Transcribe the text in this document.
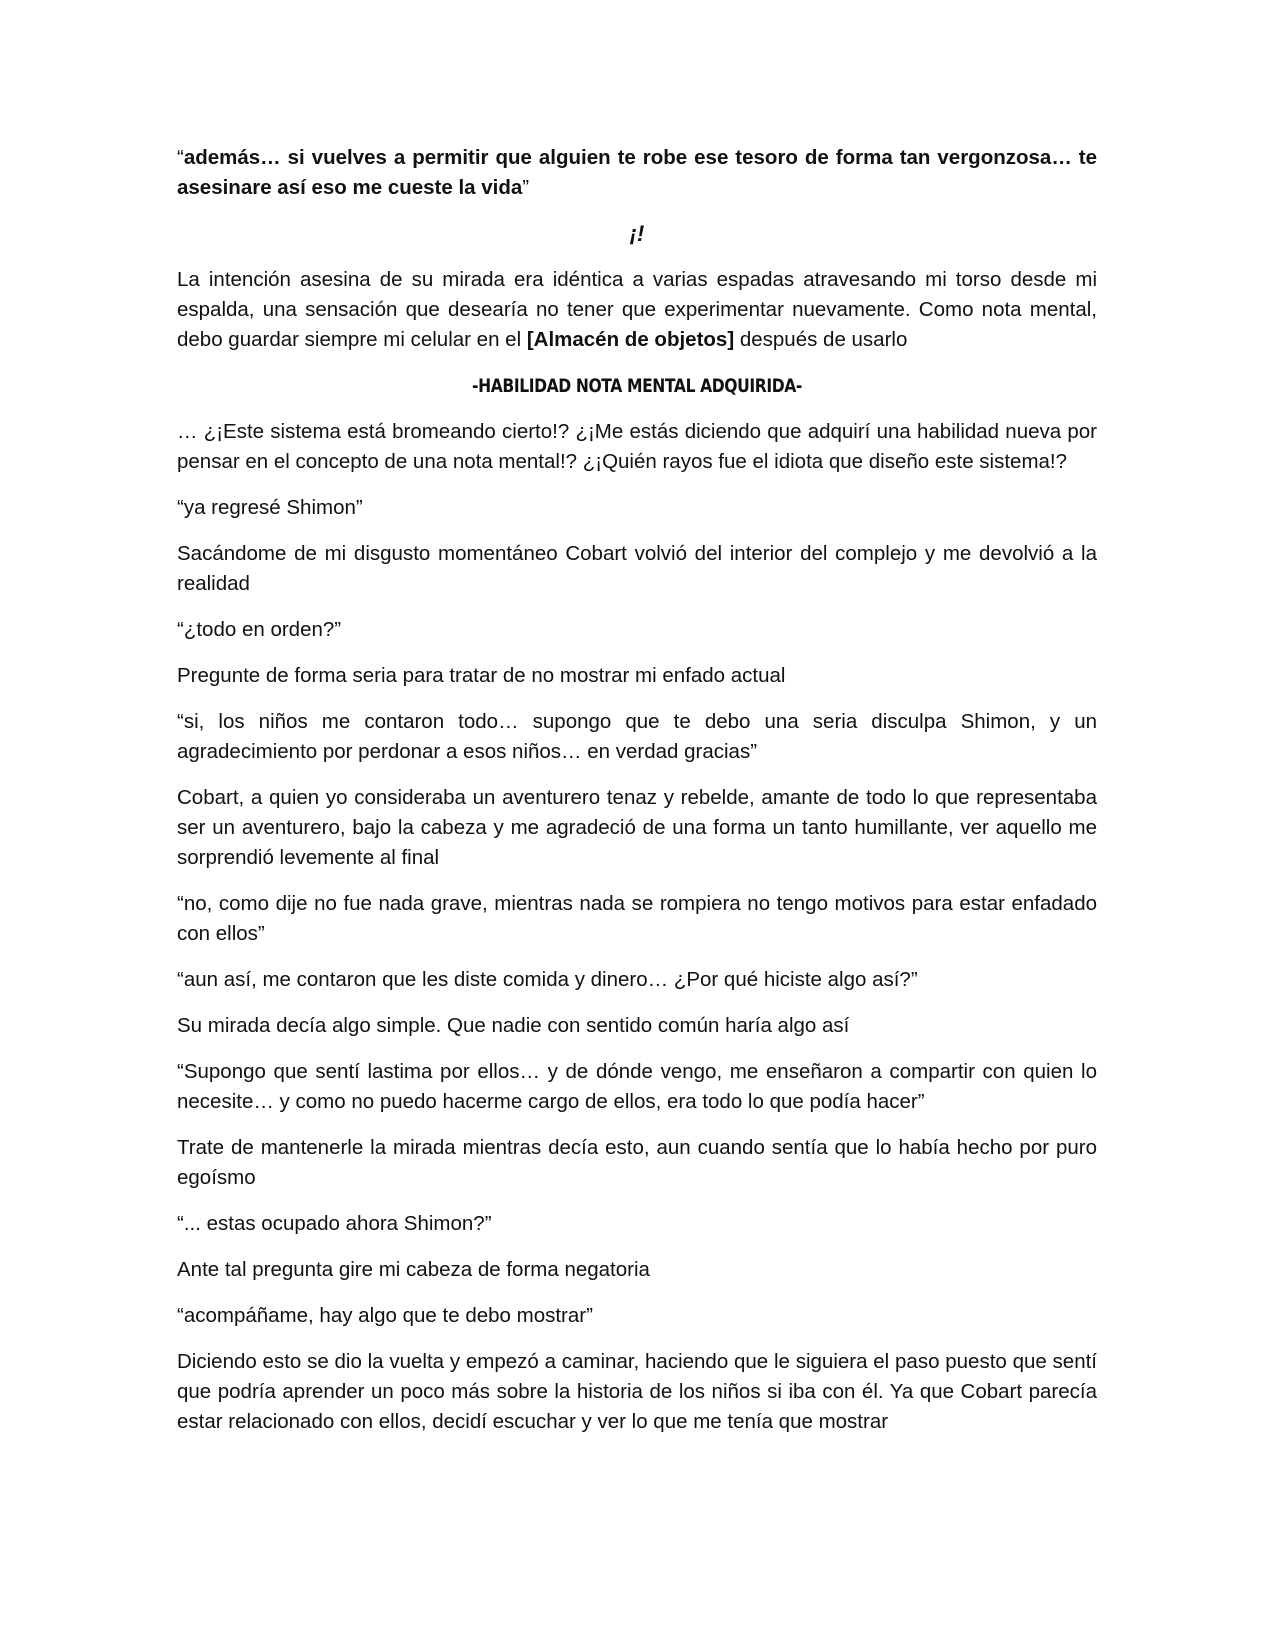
“además… si vuelves a permitir que alguien te robe ese tesoro de forma tan vergonzosa… te asesinare así eso me cueste la vida”

¡!

La intención asesina de su mirada era idéntica a varias espadas atravesando mi torso desde mi espalda, una sensación que desearía no tener que experimentar nuevamente. Como nota mental, debo guardar siempre mi celular en el [Almacén de objetos] después de usarlo

-HABILIDAD NOTA MENTAL ADQUIRIDA-

… ¿¡Este sistema está bromeando cierto!? ¿¡Me estás diciendo que adquirí una habilidad nueva por pensar en el concepto de una nota mental!? ¿¡Quién rayos fue el idiota que diseño este sistema!?

“ya regresé Shimon”

Sacándome de mi disgusto momentáneo Cobart volvió del interior del complejo y me devolvió a la realidad

“¿todo en orden?”

Pregunte de forma seria para tratar de no mostrar mi enfado actual

“si, los niños me contaron todo… supongo que te debo una seria disculpa Shimon, y un agradecimiento por perdonar a esos niños… en verdad gracias”

Cobart, a quien yo consideraba un aventurero tenaz y rebelde, amante de todo lo que representaba ser un aventurero, bajo la cabeza y me agradeció de una forma un tanto humillante, ver aquello me sorprendió levemente al final

“no, como dije no fue nada grave, mientras nada se rompiera no tengo motivos para estar enfadado con ellos”

“aun así, me contaron que les diste comida y dinero… ¿Por qué hiciste algo así?”

Su mirada decía algo simple. Que nadie con sentido común haría algo así

“Supongo que sentí lastima por ellos… y de dónde vengo, me enseñaron a compartir con quien lo necesite… y como no puedo hacerme cargo de ellos, era todo lo que podía hacer”

Trate de mantenerle la mirada mientras decía esto, aun cuando sentía que lo había hecho por puro egoísmo

“... estas ocupado ahora Shimon?”

Ante tal pregunta gire mi cabeza de forma negatoria

“acompáñame, hay algo que te debo mostrar”

Diciendo esto se dio la vuelta y empezó a caminar, haciendo que le siguiera el paso puesto que sentí que podría aprender un poco más sobre la historia de los niños si iba con él. Ya que Cobart parecía estar relacionado con ellos, decidí escuchar y ver lo que me tenía que mostrar
